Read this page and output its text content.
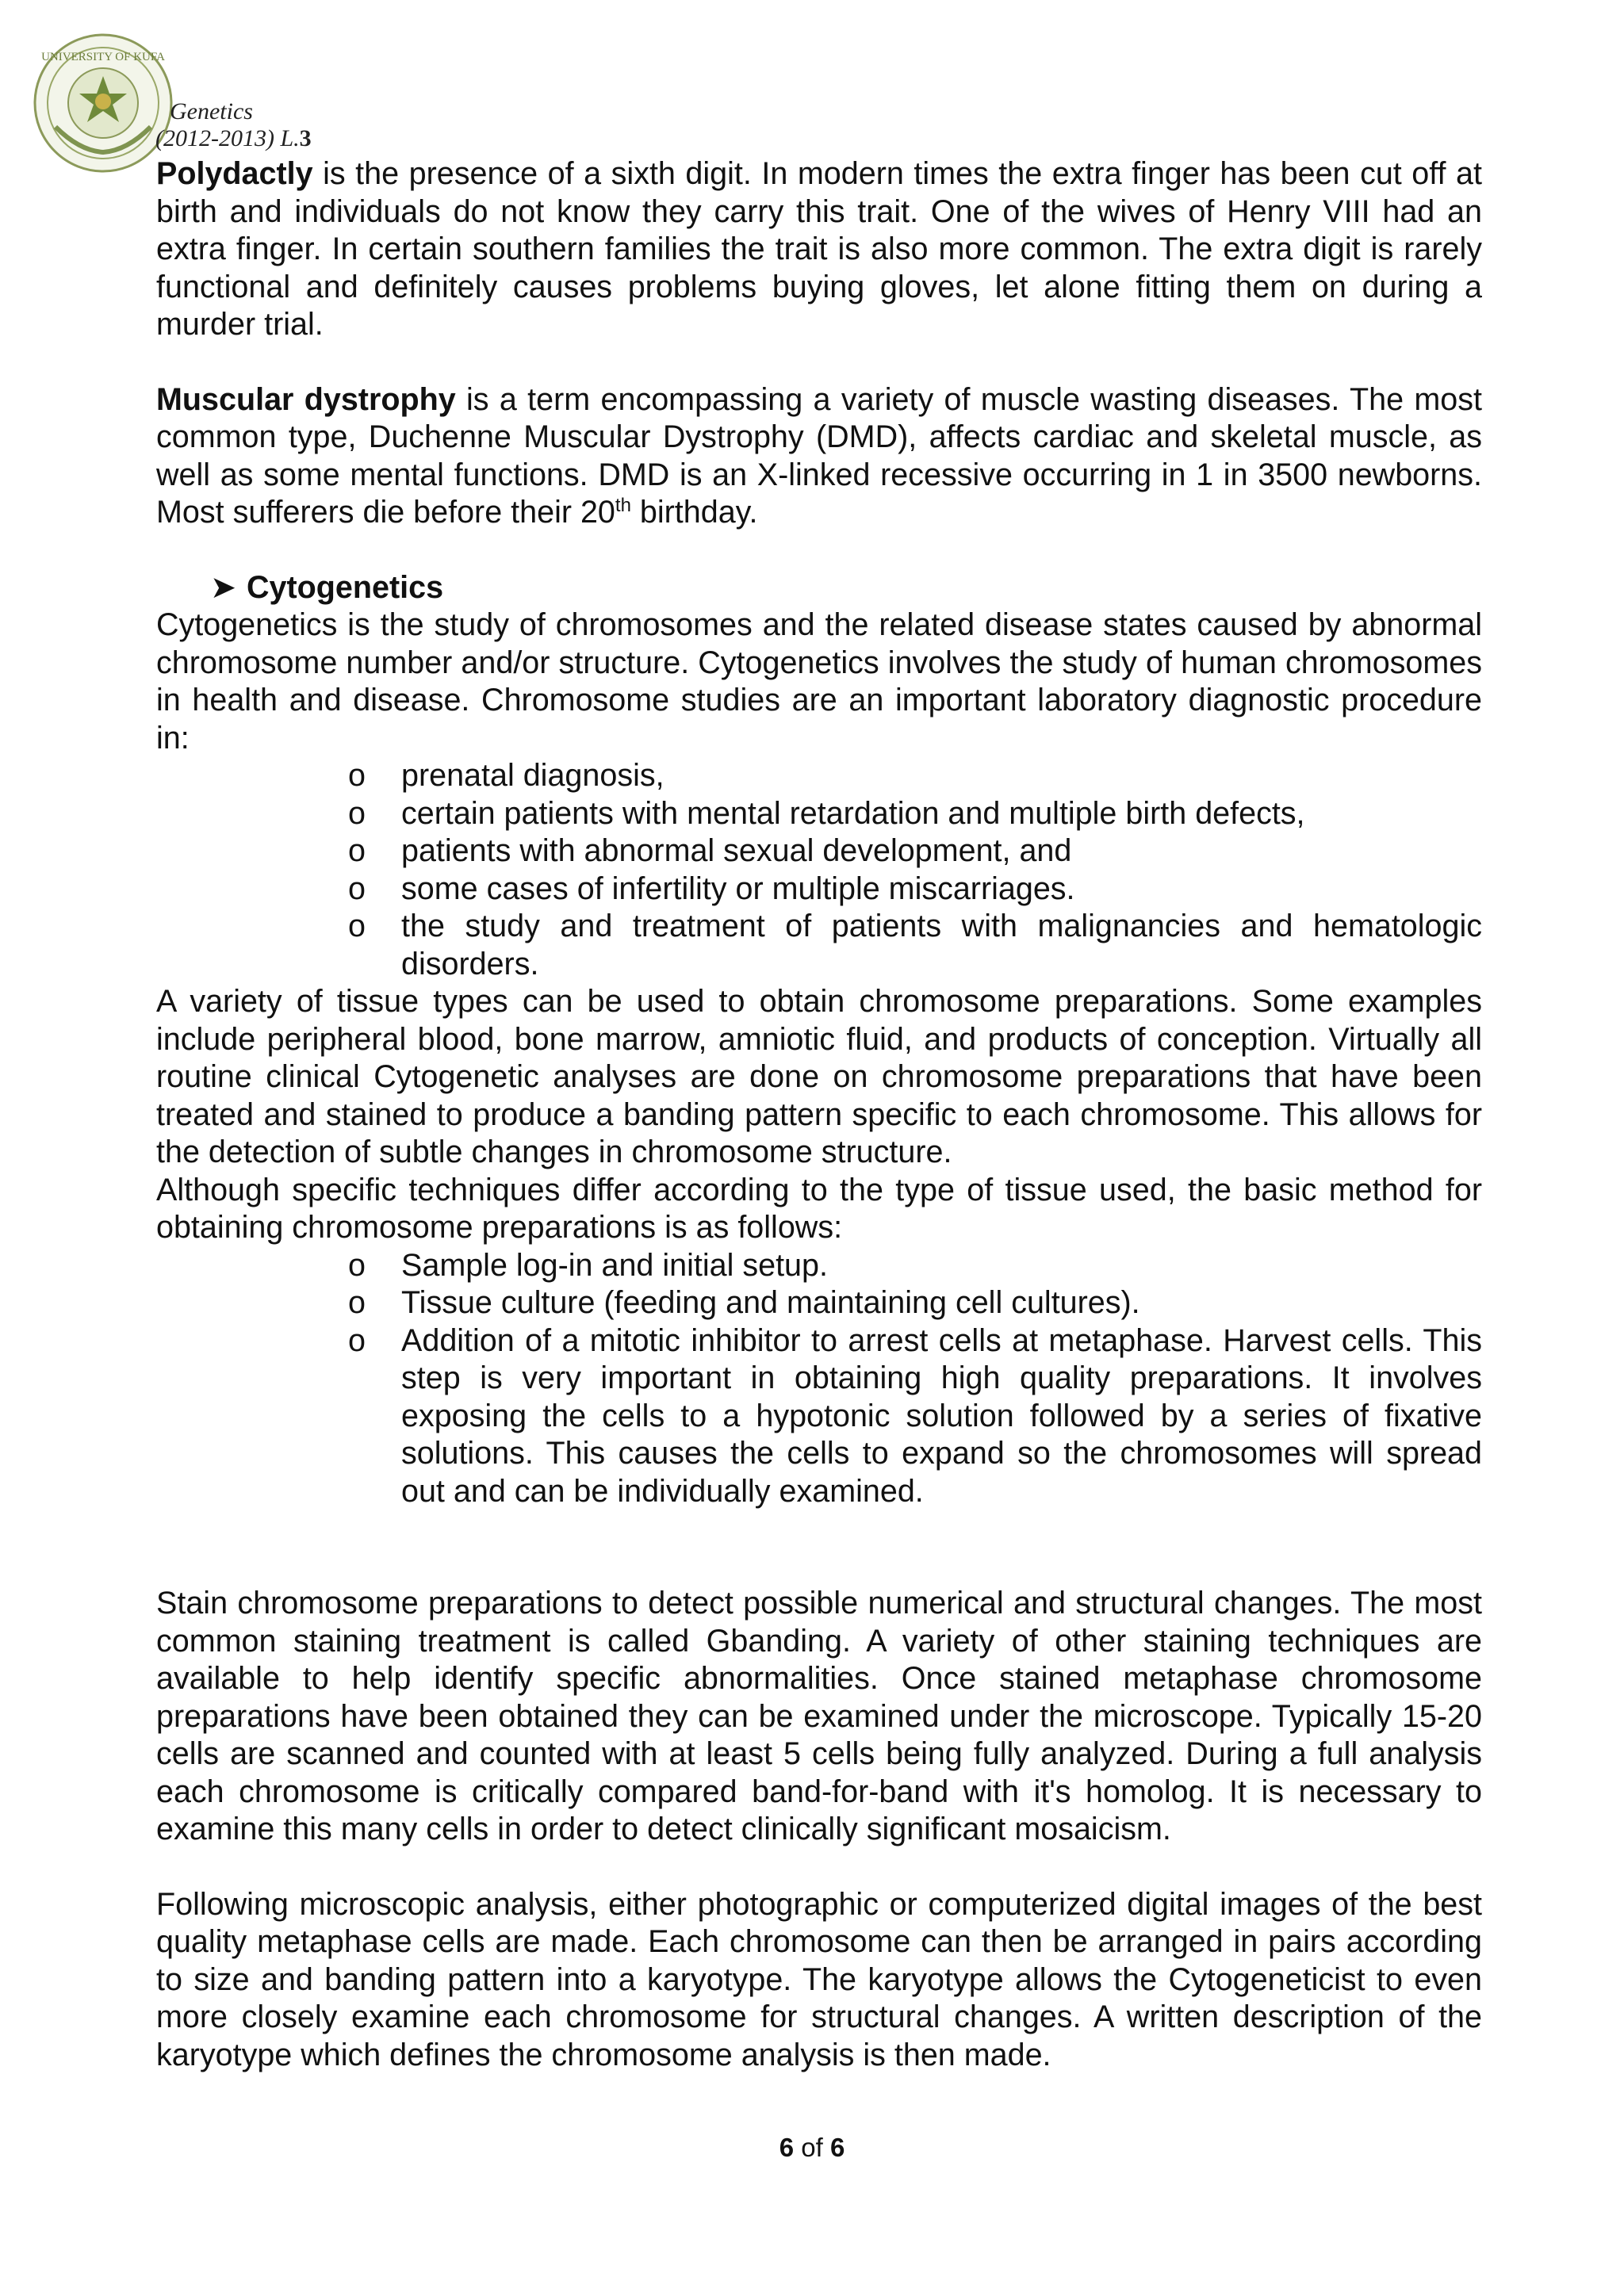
UNIVERSITY OF KUFA
Genetics
(2012-2013) L.3

Polydactly is the presence of a sixth digit. In modern times the extra finger has been cut off at birth and individuals do not know they carry this trait. One of the wives of Henry VIII had an extra finger. In certain southern families the trait is also more common. The extra digit is rarely functional and definitely causes problems buying gloves, let alone fitting them on during a murder trial.

Muscular dystrophy is a term encompassing a variety of muscle wasting diseases. The most common type, Duchenne Muscular Dystrophy (DMD), affects cardiac and skeletal muscle, as well as some mental functions. DMD is an X-linked recessive occurring in 1 in 3500 newborns. Most sufferers die before their 20th birthday.

➤ Cytogenetics

Cytogenetics is the study of chromosomes and the related disease states caused by abnormal chromosome number and/or structure. Cytogenetics involves the study of human chromosomes in health and disease. Chromosome studies are an important laboratory diagnostic procedure in:

o prenatal diagnosis,
o certain patients with mental retardation and multiple birth defects,
o patients with abnormal sexual development, and
o some cases of infertility or multiple miscarriages.
o the study and treatment of patients with malignancies and hematologic disorders.

A variety of tissue types can be used to obtain chromosome preparations. Some examples include peripheral blood, bone marrow, amniotic fluid, and products of conception. Virtually all routine clinical Cytogenetic analyses are done on chromosome preparations that have been treated and stained to produce a banding pattern specific to each chromosome. This allows for the detection of subtle changes in chromosome structure.

Although specific techniques differ according to the type of tissue used, the basic method for obtaining chromosome preparations is as follows:

o Sample log-in and initial setup.
o Tissue culture (feeding and maintaining cell cultures).
o Addition of a mitotic inhibitor to arrest cells at metaphase. Harvest cells. This step is very important in obtaining high quality preparations. It involves exposing the cells to a hypotonic solution followed by a series of fixative solutions. This causes the cells to expand so the chromosomes will spread out and can be individually examined.

Stain chromosome preparations to detect possible numerical and structural changes. The most common staining treatment is called Gbanding. A variety of other staining techniques are available to help identify specific abnormalities. Once stained metaphase chromosome preparations have been obtained they can be examined under the microscope. Typically 15-20 cells are scanned and counted with at least 5 cells being fully analyzed. During a full analysis each chromosome is critically compared band-for-band with it's homolog. It is necessary to examine this many cells in order to detect clinically significant mosaicism.

Following microscopic analysis, either photographic or computerized digital images of the best quality metaphase cells are made. Each chromosome can then be arranged in pairs according to size and banding pattern into a karyotype. The karyotype allows the Cytogeneticist to even more closely examine each chromosome for structural changes. A written description of the karyotype which defines the chromosome analysis is then made.

6 of 6
